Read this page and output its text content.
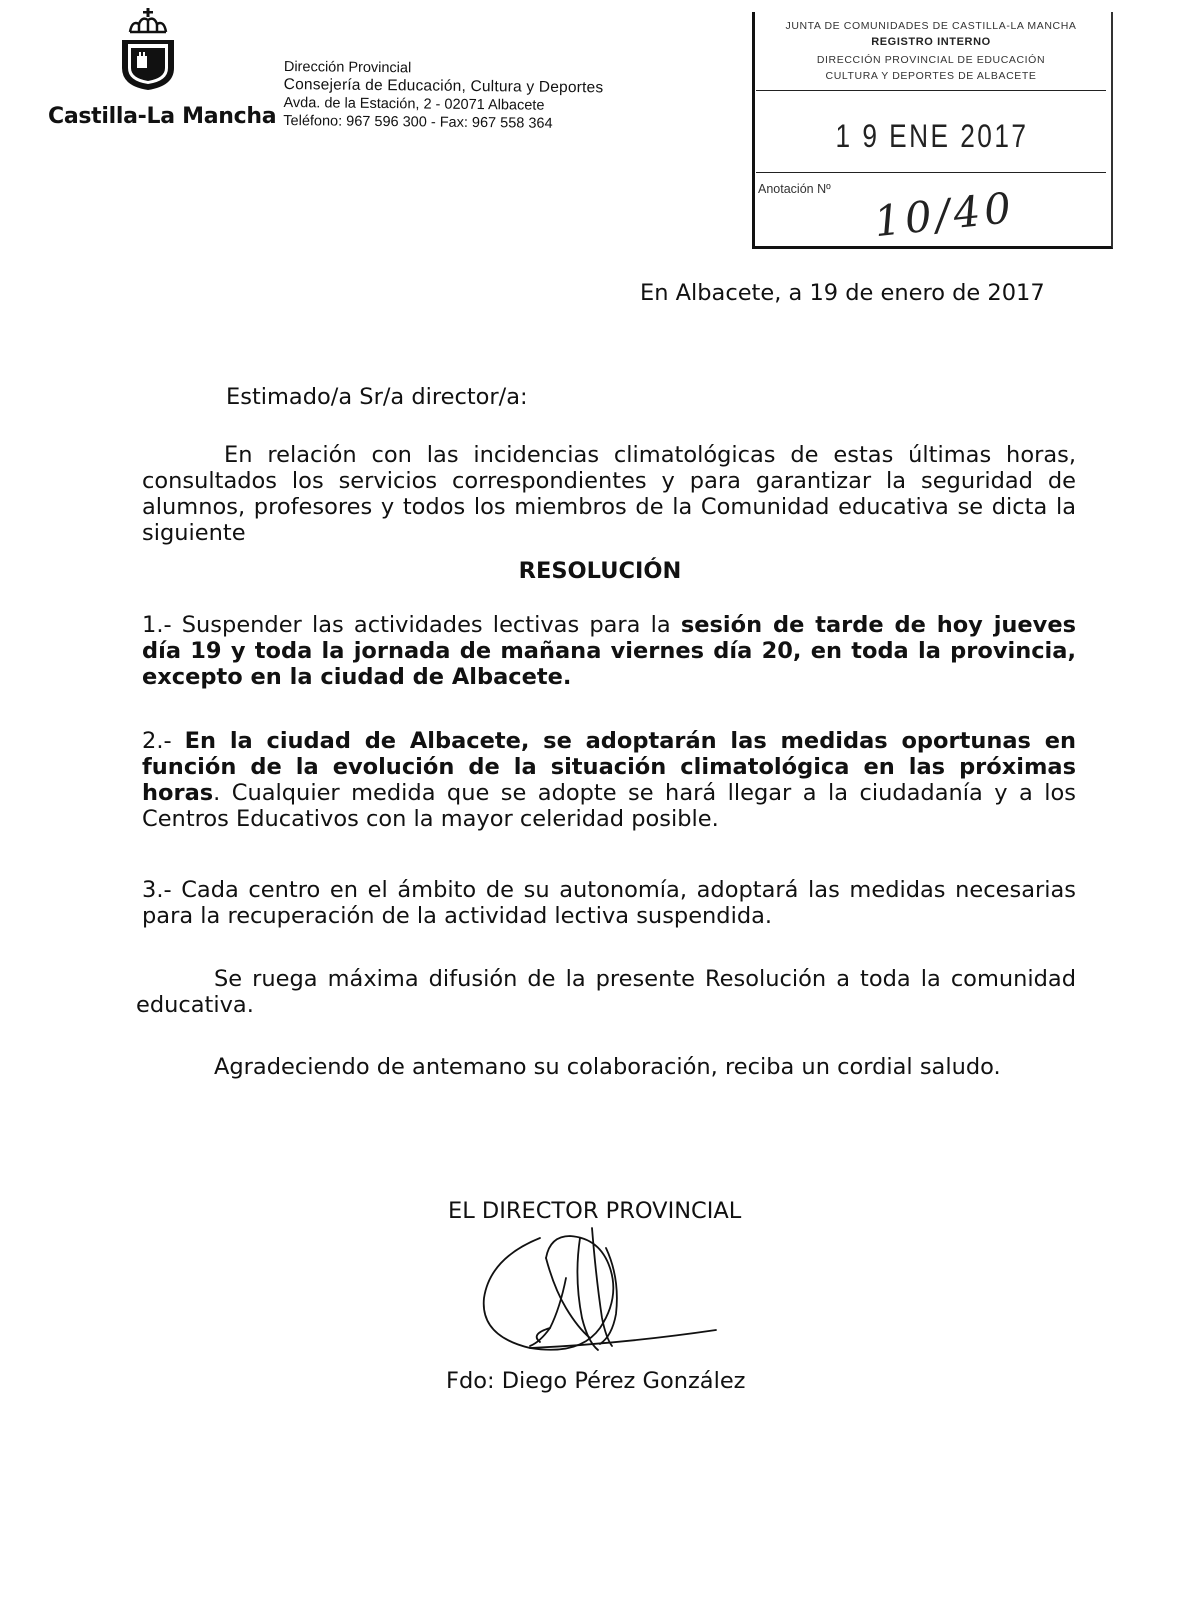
Castilla-La Mancha
Dirección Provincial
Consejería de Educación, Cultura y Deportes
Avda. de la Estación, 2 - 02071 Albacete
Teléfono: 967 596 300 - Fax: 967 558 364
JUNTA DE COMUNIDADES DE CASTILLA-LA MANCHA
REGISTRO INTERNO
DIRECCIÓN PROVINCIAL DE EDUCACIÓN
CULTURA Y DEPORTES DE ALBACETE
1 9 ENE 2017
Anotación Nº 10/40
En Albacete, a 19 de enero de 2017
Estimado/a Sr/a director/a:
En relación con las incidencias climatológicas de estas últimas horas, consultados los servicios correspondientes y para garantizar la seguridad de alumnos, profesores y todos los miembros de la Comunidad educativa se dicta la siguiente
RESOLUCIÓN
1.- Suspender las actividades lectivas para la sesión de tarde de hoy jueves día 19 y toda la jornada de mañana viernes día 20, en toda la provincia, excepto en la ciudad de Albacete.
2.- En la ciudad de Albacete, se adoptarán las medidas oportunas en función de la evolución de la situación climatológica en las próximas horas. Cualquier medida que se adopte se hará llegar a la ciudadanía y a los Centros Educativos con la mayor celeridad posible.
3.- Cada centro en el ámbito de su autonomía, adoptará las medidas necesarias para la recuperación de la actividad lectiva suspendida.
Se ruega máxima difusión de la presente Resolución a toda la comunidad educativa.
Agradeciendo de antemano su colaboración, reciba un cordial saludo.
EL DIRECTOR PROVINCIAL
Fdo: Diego Pérez González
